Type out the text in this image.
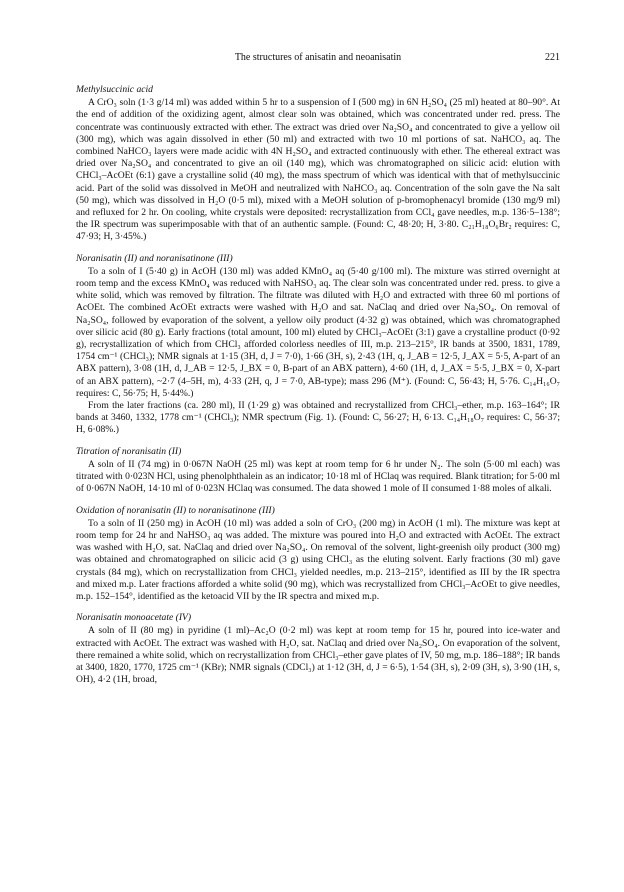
The structures of anisatin and neoanisatin	221

Methylsuccinic acid

A CrO₃ soln (1·3 g/14 ml) was added within 5 hr to a suspension of I (500 mg) in 6N H₂SO₄ (25 ml) heated at 80–90°. At the end of addition of the oxidizing agent, almost clear soln was obtained, which was concentrated under red. press. The concentrate was continuously extracted with ether. The extract was dried over Na₂SO₄ and concentrated to give a yellow oil (300 mg), which was again dissolved in ether (50 ml) and extracted with two 10 ml portions of sat. NaHCO₃ aq. The combined NaHCO₃ layers were made acidic with 4N H₂SO₄ and extracted continuously with ether. The ethereal extract was dried over Na₂SO₄ and concentrated to give an oil (140 mg), which was chromatographed on silicic acid: elution with CHCl₃–AcOEt (6:1) gave a crystalline solid (40 mg), the mass spectrum of which was identical with that of methylsuccinic acid. Part of the solid was dissolved in MeOH and neutralized with NaHCO₃ aq. Concentration of the soln gave the Na salt (50 mg), which was dissolved in H₂O (0·5 ml), mixed with a MeOH solution of p-bromophenacyl bromide (130 mg/9 ml) and refluxed for 2 hr. On cooling, white crystals were deposited: recrystallization from CCl₄ gave needles, m.p. 136·5–138°; the IR spectrum was superimposable with that of an authentic sample. (Found: C, 48·20; H, 3·80. C₂₁H₁₈O₆Br₂ requires: C, 47·93; H, 3·45%.)

Noranisatin (II) and noranisatinone (III)

To a soln of I (5·40 g) in AcOH (130 ml) was added KMnO₄ aq (5·40 g/100 ml). The mixture was stirred overnight at room temp and the excess KMnO₄ was reduced with NaHSO₃ aq. The clear soln was concentrated under red. press. to give a white solid, which was removed by filtration. The filtrate was diluted with H₂O and extracted with three 60 ml portions of AcOEt. The combined AcOEt extracts were washed with H₂O and sat. NaClaq and dried over Na₂SO₄. On removal of Na₂SO₄, followed by evaporation of the solvent, a yellow oily product (4·32 g) was obtained, which was chromatographed over silicic acid (80 g). Early fractions (total amount, 100 ml) eluted by CHCl₃–AcOEt (3:1) gave a crystalline product (0·92 g), recrystallization of which from CHCl₃ afforded colorless needles of III, m.p. 213–215°, IR bands at 3500, 1831, 1789, 1754 cm⁻¹ (CHCl₃); NMR signals at 1·15 (3H, d, J = 7·0), 1·66 (3H, s), 2·43 (1H, q, J_AB = 12·5, J_AX = 5·5, A-part of an ABX pattern), 3·08 (1H, d, J_AB = 12·5, J_BX = 0, B-part of an ABX pattern), 4·60 (1H, d, J_AX = 5·5, J_BX = 0, X-part of an ABX pattern), ~2·7 (4–5H, m), 4·33 (2H, q, J = 7·0, AB-type); mass 296 (M⁺). (Found: C, 56·43; H, 5·76. C₁₄H₁₆O₇ requires: C, 56·75; H, 5·44%.)

From the later fractions (ca. 280 ml), II (1·29 g) was obtained and recrystallized from CHCl₃–ether, m.p. 163–164°; IR bands at 3460, 1332, 1778 cm⁻¹ (CHCl₃); NMR spectrum (Fig. 1). (Found: C, 56·27; H, 6·13. C₁₄H₁₈O₇ requires: C, 56·37; H, 6·08%.)

Titration of noranisatin (II)

A soln of II (74 mg) in 0·067N NaOH (25 ml) was kept at room temp for 6 hr under N₂. The soln (5·00 ml each) was titrated with 0·023N HCl, using phenolphthalein as an indicator; 10·18 ml of HClaq was required. Blank titration; for 5·00 ml of 0·067N NaOH, 14·10 ml of 0·023N HClaq was consumed. The data showed 1 mole of II consumed 1·88 moles of alkali.

Oxidation of noranisatin (II) to noranisatinone (III)

To a soln of II (250 mg) in AcOH (10 ml) was added a soln of CrO₃ (200 mg) in AcOH (1 ml). The mixture was kept at room temp for 24 hr and NaHSO₃ aq was added. The mixture was poured into H₂O and extracted with AcOEt. The extract was washed with H₂O, sat. NaClaq and dried over Na₂SO₄. On removal of the solvent, light-greenish oily product (300 mg) was obtained and chromatographed on silicic acid (3 g) using CHCl₃ as the eluting solvent. Early fractions (30 ml) gave crystals (84 mg), which on recrystallization from CHCl₃ yielded needles, m.p. 213–215°, identified as III by the IR spectra and mixed m.p. Later fractions afforded a white solid (90 mg), which was recrystallized from CHCl₃–AcOEt to give needles, m.p. 152–154°, identified as the ketoacid VII by the IR spectra and mixed m.p.

Noranisatin monoacetate (IV)

A soln of II (80 mg) in pyridine (1 ml)–Ac₂O (0·2 ml) was kept at room temp for 15 hr, poured into ice-water and extracted with AcOEt. The extract was washed with H₂O, sat. NaClaq and dried over Na₂SO₄. On evaporation of the solvent, there remained a white solid, which on recrystallization from CHCl₃–ether gave plates of IV, 50 mg, m.p. 186–188°; IR bands at 3400, 1820, 1770, 1725 cm⁻¹ (KBr); NMR signals (CDCl₃) at 1·12 (3H, d, J = 6·5), 1·54 (3H, s), 2·09 (3H, s), 3·90 (1H, s, OH), 4·2 (1H, broad,
